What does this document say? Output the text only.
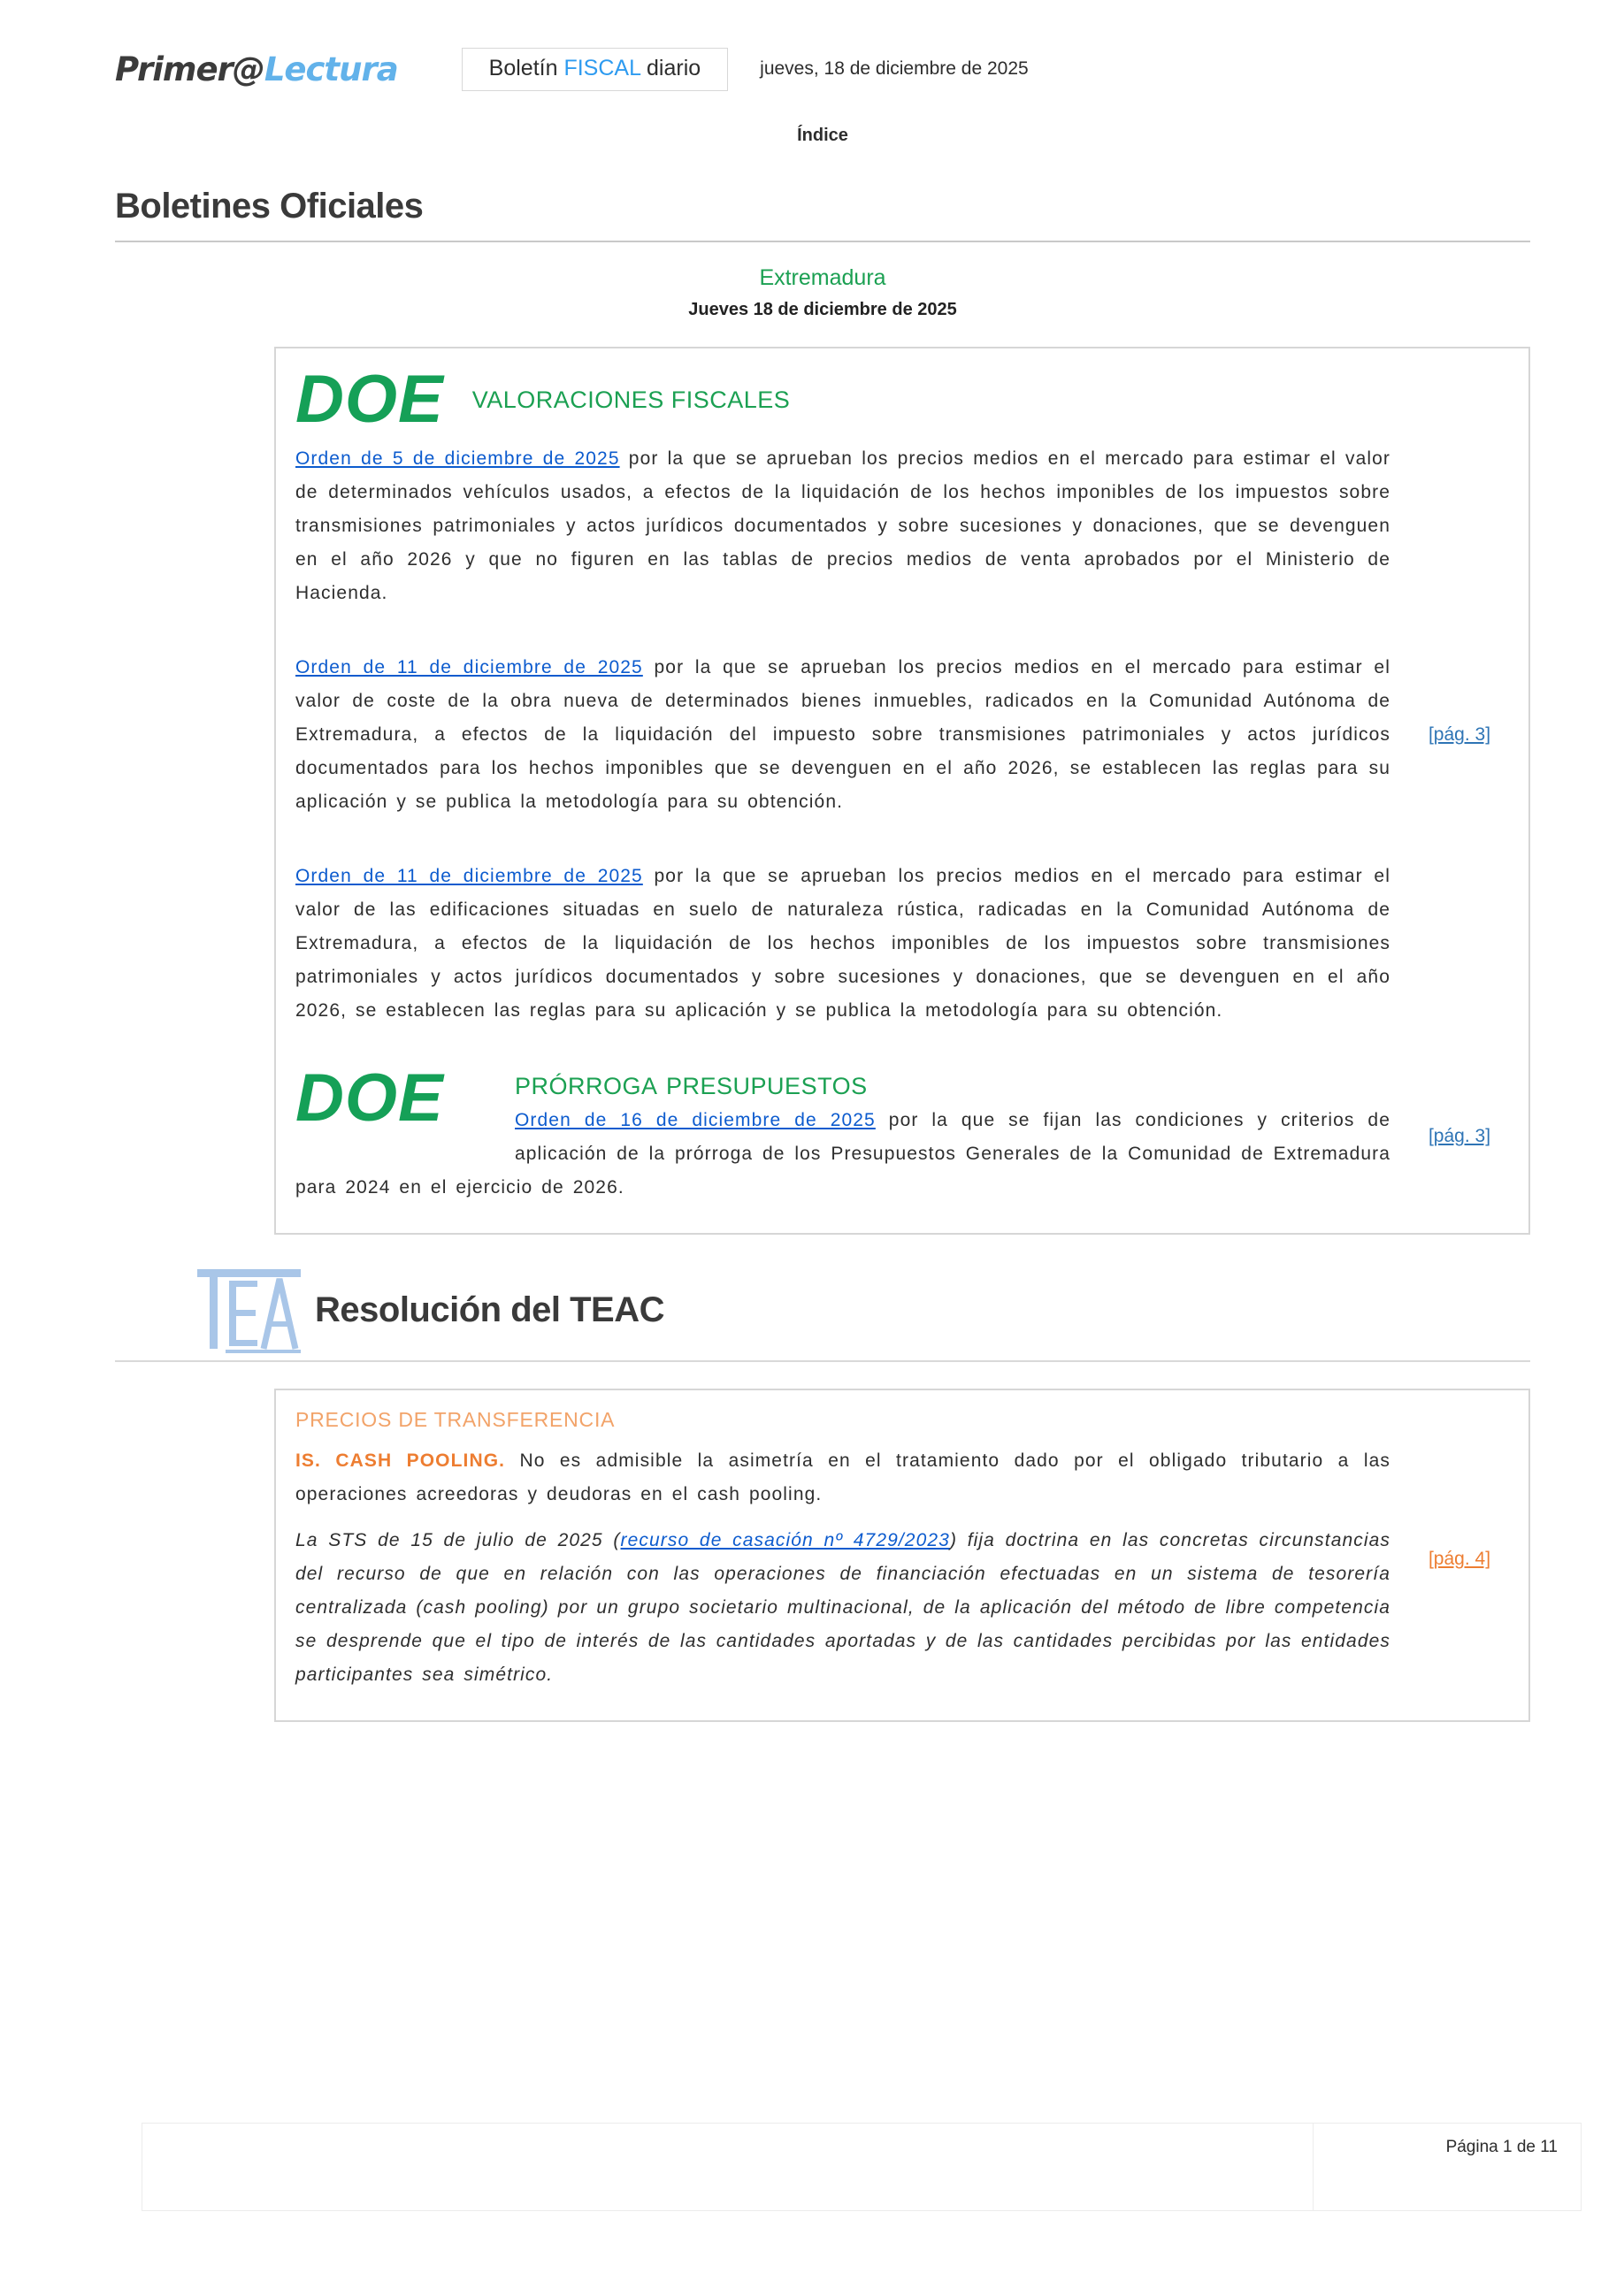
Primer@Lectura	Boletín FISCAL diario	jueves, 18 de diciembre de 2025
Índice
Boletines Oficiales
Extremadura
Jueves 18 de diciembre de 2025
DOE VALORACIONES FISCALES
Orden de 5 de diciembre de 2025 por la que se aprueban los precios medios en el mercado para estimar el valor de determinados vehículos usados, a efectos de la liquidación de los hechos imponibles de los impuestos sobre transmisiones patrimoniales y actos jurídicos documentados y sobre sucesiones y donaciones, que se devenguen en el año 2026 y que no figuren en las tablas de precios medios de venta aprobados por el Ministerio de Hacienda.
Orden de 11 de diciembre de 2025 por la que se aprueban los precios medios en el mercado para estimar el valor de coste de la obra nueva de determinados bienes inmuebles, radicados en la Comunidad Autónoma de Extremadura, a efectos de la liquidación del impuesto sobre transmisiones patrimoniales y actos jurídicos documentados para los hechos imponibles que se devenguen en el año 2026, se establecen las reglas para su aplicación y se publica la metodología para su obtención.
[pág. 3]
Orden de 11 de diciembre de 2025 por la que se aprueban los precios medios en el mercado para estimar el valor de las edificaciones situadas en suelo de naturaleza rústica, radicadas en la Comunidad Autónoma de Extremadura, a efectos de la liquidación de los hechos imponibles de los impuestos sobre transmisiones patrimoniales y actos jurídicos documentados y sobre sucesiones y donaciones, que se devenguen en el año 2026, se establecen las reglas para su aplicación y se publica la metodología para su obtención.
DOE	PRÓRROGA PRESUPUESTOS
Orden de 16 de diciembre de 2025 por la que se fijan las condiciones y criterios de aplicación de la prórroga de los Presupuestos Generales de la Comunidad de Extremadura para 2024 en el ejercicio de 2026.
[pág. 3]
Resolución del TEAC
PRECIOS DE TRANSFERENCIA
IS. CASH POOLING. No es admisible la asimetría en el tratamiento dado por el obligado tributario a las operaciones acreedoras y deudoras en el cash pooling.
La STS de 15 de julio de 2025 (recurso de casación nº 4729/2023) fija doctrina en las concretas circunstancias del recurso de que en relación con las operaciones de financiación efectuadas en un sistema de tesorería centralizada (cash pooling) por un grupo societario multinacional, de la aplicación del método de libre competencia se desprende que el tipo de interés de las cantidades aportadas y de las cantidades percibidas por las entidades participantes sea simétrico.
[pág. 4]
Página 1 de 11
